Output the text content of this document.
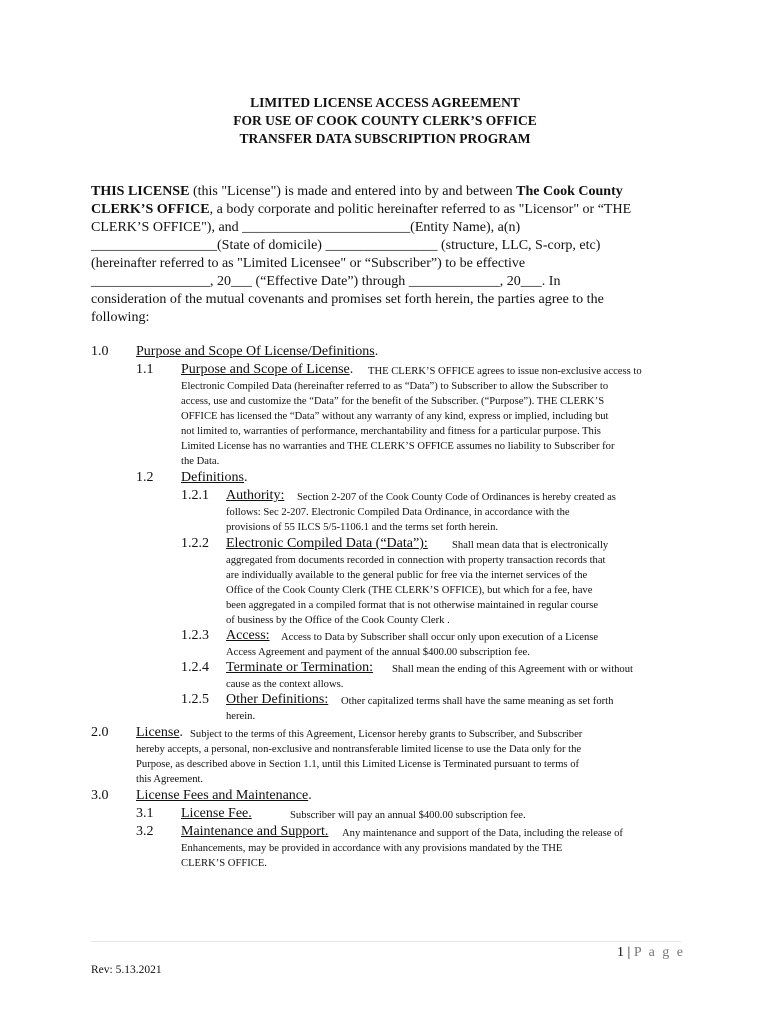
LIMITED LICENSE ACCESS AGREEMENT
FOR USE OF COOK COUNTY CLERK’S OFFICE
TRANSFER DATA SUBSCRIPTION PROGRAM
THIS LICENSE (this "License") is made and entered into by and between The Cook County
CLERK’S OFFICE, a body corporate and politic hereinafter referred to as "Licensor" or “THE
CLERK’S OFFICE"), and ________________________(Entity Name), a(n)
__________________(State of domicile) ________________ (structure, LLC, S-corp, etc)
(hereinafter referred to as "Limited Licensee" or “Subscriber”) to be effective
_________________, 20___ (“Effective Date”) through _____________, 20___. In
consideration of the mutual covenants and promises set forth herein, the parties agree to the
following:
1.0 Purpose and Scope Of License/Definitions.
1.1 Purpose and Scope of License. THE CLERK’S OFFICE agrees to issue non-exclusive access to
Electronic Compiled Data (hereinafter referred to as “Data”) to Subscriber to allow the Subscriber to
access, use and customize the “Data” for the benefit of the Subscriber. (“Purpose”). THE CLERK’S
OFFICE has licensed the “Data” without any warranty of any kind, express or implied, including but
not limited to, warranties of performance, merchantability and fitness for a particular purpose. This
Limited License has no warranties and THE CLERK’S OFFICE assumes no liability to Subscriber for
the Data.
1.2 Definitions.
1.2.1 Authority: Section 2-207 of the Cook County Code of Ordinances is hereby created as
follows: Sec 2-207. Electronic Compiled Data Ordinance, in accordance with the
provisions of 55 ILCS 5/5-1106.1 and the terms set forth herein.
1.2.2 Electronic Compiled Data (“Data”): Shall mean data that is electronically
aggregated from documents recorded in connection with property transaction records that
are individually available to the general public for free via the internet services of the
Office of the Cook County Clerk (THE CLERK’S OFFICE), but which for a fee, have
been aggregated in a compiled format that is not otherwise maintained in regular course
of business by the Office of the Cook County Clerk .
1.2.3 Access: Access to Data by Subscriber shall occur only upon execution of a License
Access Agreement and payment of the annual $400.00 subscription fee.
1.2.4 Terminate or Termination: Shall mean the ending of this Agreement with or without
cause as the context allows.
1.2.5 Other Definitions: Other capitalized terms shall have the same meaning as set forth
herein.
2.0 License. Subject to the terms of this Agreement, Licensor hereby grants to Subscriber, and Subscriber
hereby accepts, a personal, non-exclusive and nontransferable limited license to use the Data only for the
Purpose, as described above in Section 1.1, until this Limited License is Terminated pursuant to terms of
this Agreement.
3.0 License Fees and Maintenance.
3.1 License Fee.	Subscriber will pay an annual $400.00 subscription fee.
3.2 Maintenance and Support. Any maintenance and support of the Data, including the release of
Enhancements, may be provided in accordance with any provisions mandated by the THE
CLERK’S OFFICE.
1 | P a g e
Rev: 5.13.2021
